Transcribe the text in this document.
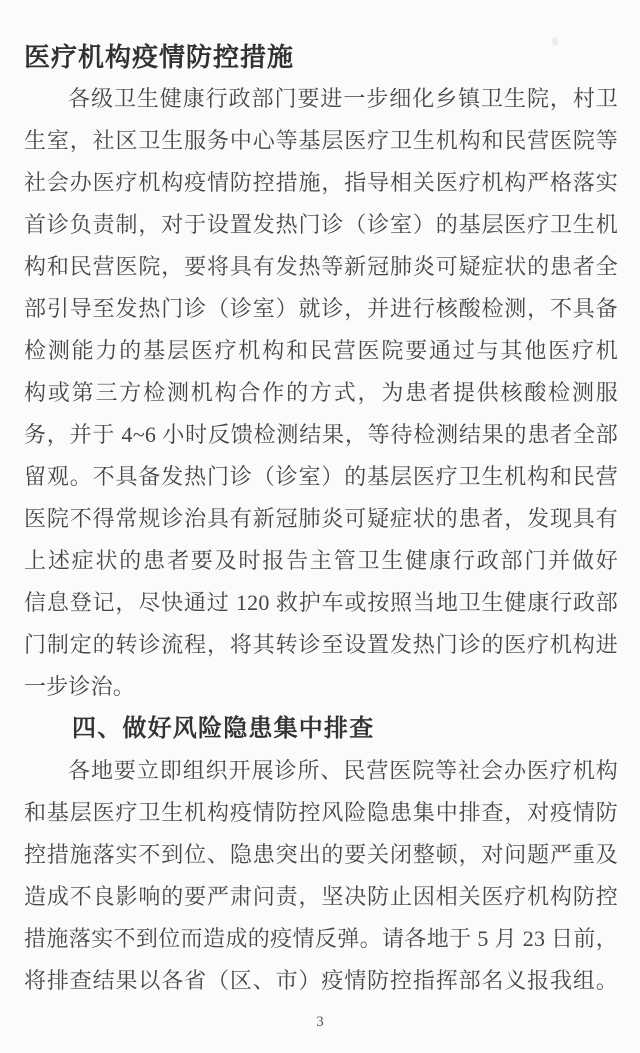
医疗机构疫情防控措施
各级卫生健康行政部门要进一步细化乡镇卫生院，村卫
生室，社区卫生服务中心等基层医疗卫生机构和民营医院等
社会办医疗机构疫情防控措施，指导相关医疗机构严格落实
首诊负责制，对于设置发热门诊（诊室）的基层医疗卫生机
构和民营医院，要将具有发热等新冠肺炎可疑症状的患者全
部引导至发热门诊（诊室）就诊，并进行核酸检测，不具备
检测能力的基层医疗机构和民营医院要通过与其他医疗机
构或第三方检测机构合作的方式，为患者提供核酸检测服
务，并于 4~6 小时反馈检测结果，等待检测结果的患者全部
留观。不具备发热门诊（诊室）的基层医疗卫生机构和民营
医院不得常规诊治具有新冠肺炎可疑症状的患者，发现具有
上述症状的患者要及时报告主管卫生健康行政部门并做好
信息登记，尽快通过 120 救护车或按照当地卫生健康行政部
门制定的转诊流程，将其转诊至设置发热门诊的医疗机构进
一步诊治。
四、做好风险隐患集中排查
各地要立即组织开展诊所、民营医院等社会办医疗机构
和基层医疗卫生机构疫情防控风险隐患集中排查，对疫情防
控措施落实不到位、隐患突出的要关闭整顿，对问题严重及
造成不良影响的要严肃问责，坚决防止因相关医疗机构防控
措施落实不到位而造成的疫情反弹。请各地于 5 月 23 日前，
将排查结果以各省（区、市）疫情防控指挥部名义报我组。
3
